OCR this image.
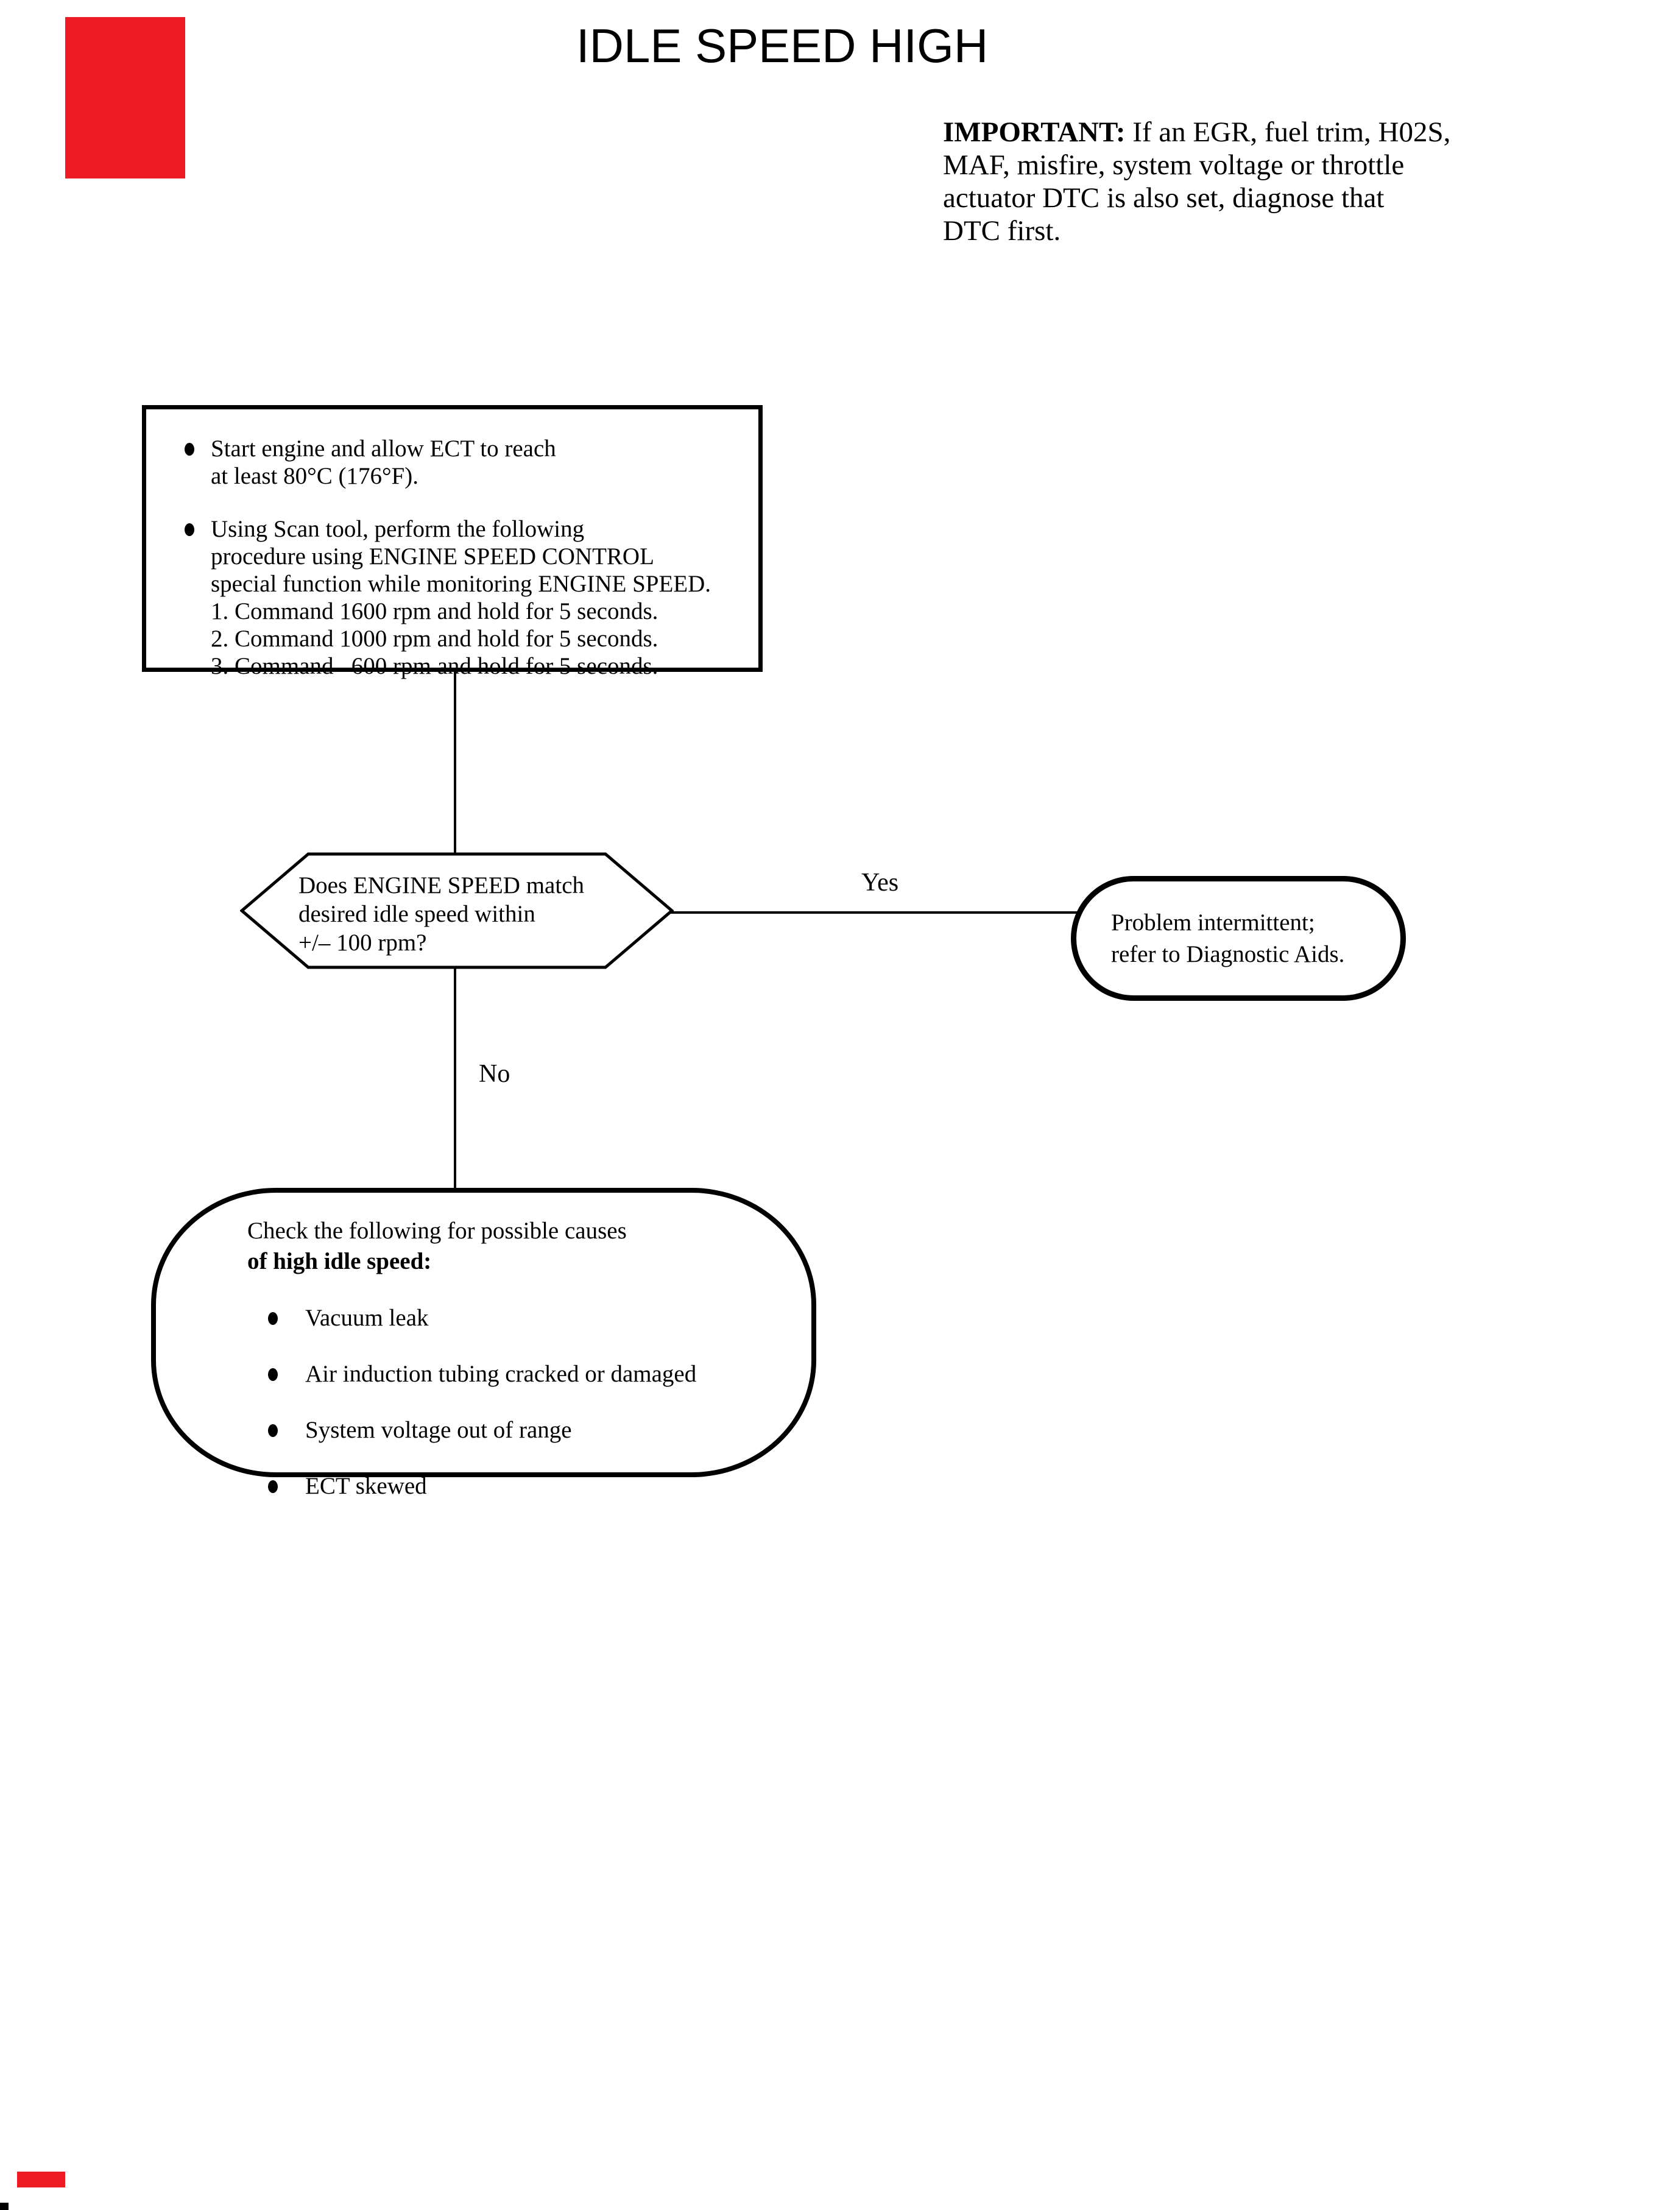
IDLE SPEED HIGH
IMPORTANT: If an EGR, fuel trim, H02S,
MAF, misfire, system voltage or throttle
actuator DTC is also set, diagnose that
DTC first.
Start engine and allow ECT to reach
at least 80°C (176°F).
Using Scan tool, perform the following
procedure using ENGINE SPEED CONTROL
special function while monitoring ENGINE SPEED.
1. Command 1600 rpm and hold for 5 seconds.
2. Command 1000 rpm and hold for 5 seconds.
3. Command   600 rpm and hold for 5 seconds.
Does ENGINE SPEED match
desired idle speed within
+/– 100 rpm?
Yes
No
Problem intermittent;
refer to Diagnostic Aids.
Check the following for possible causes
of high idle speed:
Vacuum leak
Air induction tubing cracked or damaged
System voltage out of range
ECT skewed
